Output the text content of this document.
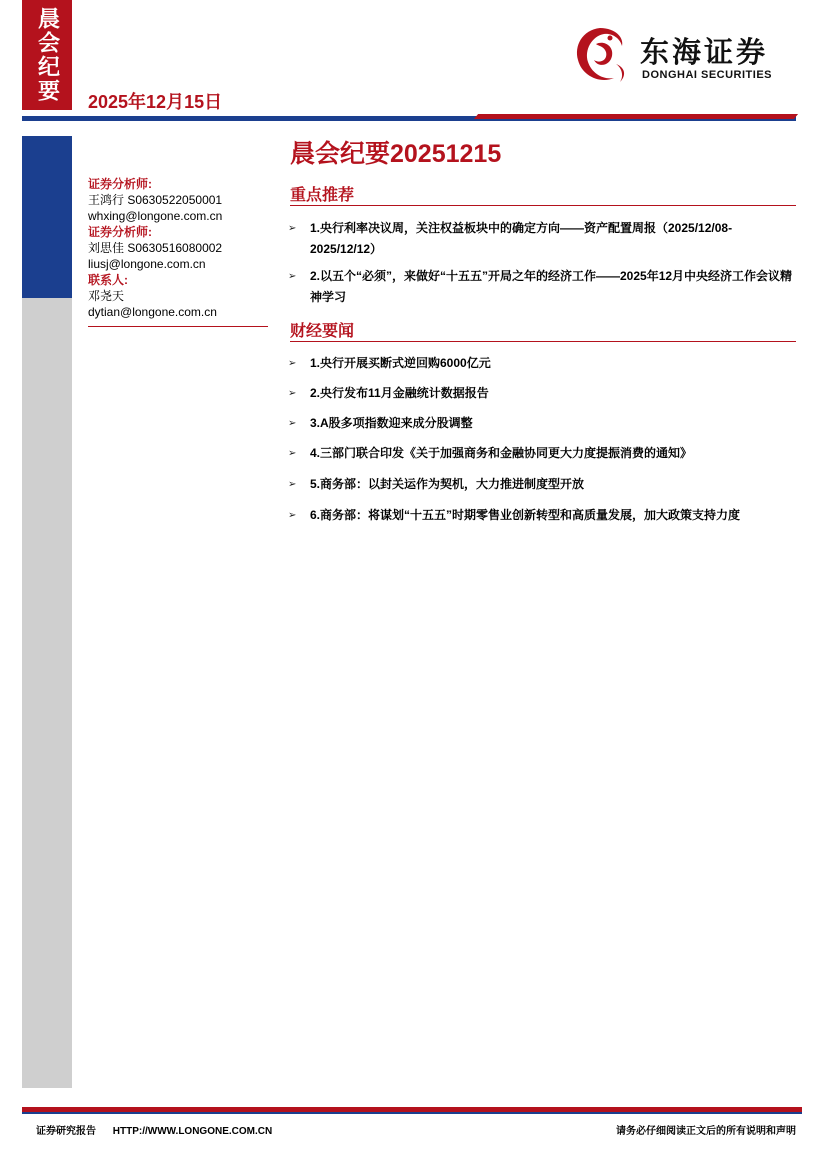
晨会纪要	2025年12月15日
东海证券
DONGHAI SECURITIES
证券分析师:
王鸿行 S0630522050001
whxing@longone.com.cn
证券分析师:
刘思佳 S0630516080002
liusj@longone.com.cn
联系人:
邓尧天
dytian@longone.com.cn
晨会纪要20251215
重点推荐
➢	1.央行利率决议周，关注权益板块中的确定方向——资产配置周报（2025/12/08-2025/12/12）
➢	2.以五个“必须”，来做好“十五五”开局之年的经济工作——2025年12月中央经济工作会议精神学习
财经要闻
➢	1.央行开展买断式逆回购6000亿元
➢	2.央行发布11月金融统计数据报告
➢	3.A股多项指数迎来成分股调整
➢	4.三部门联合印发《关于加强商务和金融协同更大力度提振消费的通知》
➢	5.商务部：以封关运作为契机，大力推进制度型开放
➢	6.商务部：将谋划“十五五”时期零售业创新转型和高质量发展，加大政策支持力度
证券研究报告 HTTP://WWW.LONGONE.COM.CN	请务必仔细阅读正文后的所有说明和声明
